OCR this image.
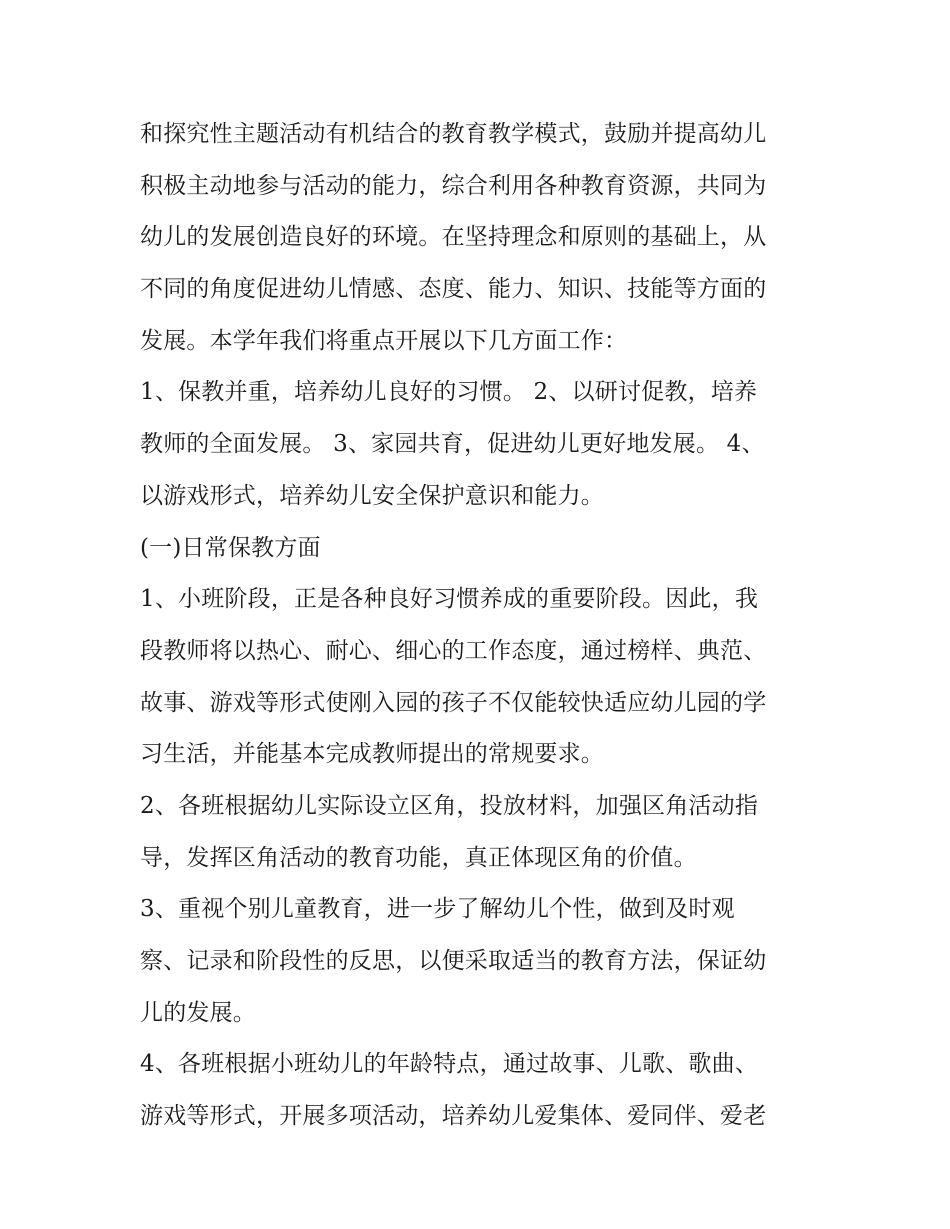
和探究性主题活动有机结合的教育教学模式，鼓励并提高幼儿
积极主动地参与活动的能力，综合利用各种教育资源，共同为
幼儿的发展创造良好的环境。在坚持理念和原则的基础上，从
不同的角度促进幼儿情感、态度、能力、知识、技能等方面的
发展。本学年我们将重点开展以下几方面工作：
1、保教并重，培养幼儿良好的习惯。 2、以研讨促教，培养
教师的全面发展。 3、家园共育，促进幼儿更好地发展。 4、
以游戏形式，培养幼儿安全保护意识和能力。
(一)日常保教方面
1、小班阶段，正是各种良好习惯养成的重要阶段。因此，我
段教师将以热心、耐心、细心的工作态度，通过榜样、典范、
故事、游戏等形式使刚入园的孩子不仅能较快适应幼儿园的学
习生活，并能基本完成教师提出的常规要求。
2、各班根据幼儿实际设立区角，投放材料，加强区角活动指
导，发挥区角活动的教育功能，真正体现区角的价值。
3、重视个别儿童教育，进一步了解幼儿个性，做到及时观
察、记录和阶段性的反思，以便采取适当的教育方法，保证幼
儿的发展。
4、各班根据小班幼儿的年龄特点，通过故事、儿歌、歌曲、
游戏等形式，开展多项活动，培养幼儿爱集体、爱同伴、爱老
